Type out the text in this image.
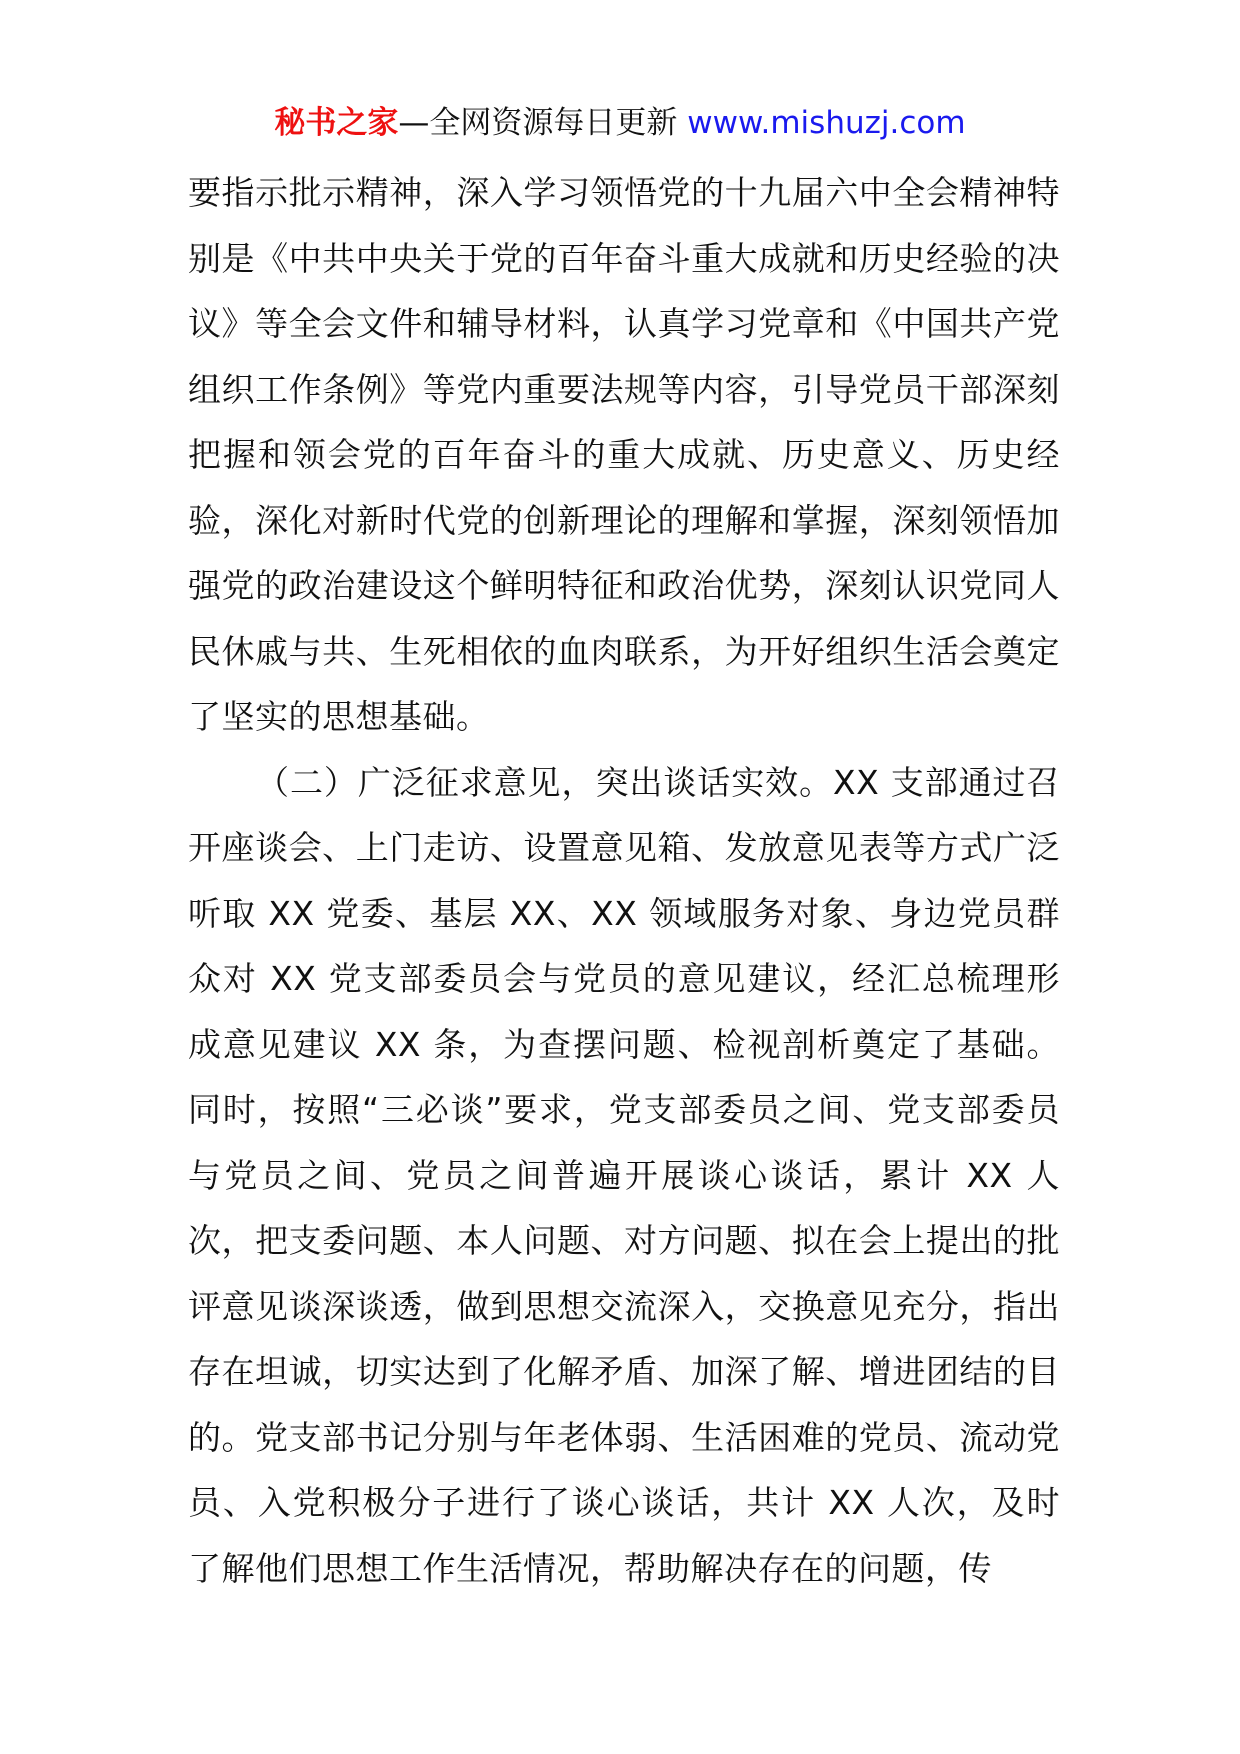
秘书之家—全网资源每日更新 www.mishuzj.com

要指示批示精神，深入学习领悟党的十九届六中全会精神特别是《中共中央关于党的百年奋斗重大成就和历史经验的决议》等全会文件和辅导材料，认真学习党章和《中国共产党组织工作条例》等党内重要法规等内容，引导党员干部深刻把握和领会党的百年奋斗的重大成就、历史意义、历史经验，深化对新时代党的创新理论的理解和掌握，深刻领悟加强党的政治建设这个鲜明特征和政治优势，深刻认识党同人民休戚与共、生死相依的血肉联系，为开好组织生活会奠定了坚实的思想基础。

（二）广泛征求意见，突出谈话实效。XX 支部通过召开座谈会、上门走访、设置意见箱、发放意见表等方式广泛听取 XX 党委、基层 XX、XX 领域服务对象、身边党员群众对 XX 党支部委员会与党员的意见建议，经汇总梳理形成意见建议 XX 条，为查摆问题、检视剖析奠定了基础。同时，按照“三必谈”要求，党支部委员之间、党支部委员与党员之间、党员之间普遍开展谈心谈话，累计 XX 人次，把支委问题、本人问题、对方问题、拟在会上提出的批评意见谈深谈透，做到思想交流深入，交换意见充分，指出存在坦诚，切实达到了化解矛盾、加深了解、增进团结的目的。党支部书记分别与年老体弱、生活困难的党员、流动党员、入党积极分子进行了谈心谈话，共计 XX 人次，及时了解他们思想工作生活情况，帮助解决存在的问题，传
